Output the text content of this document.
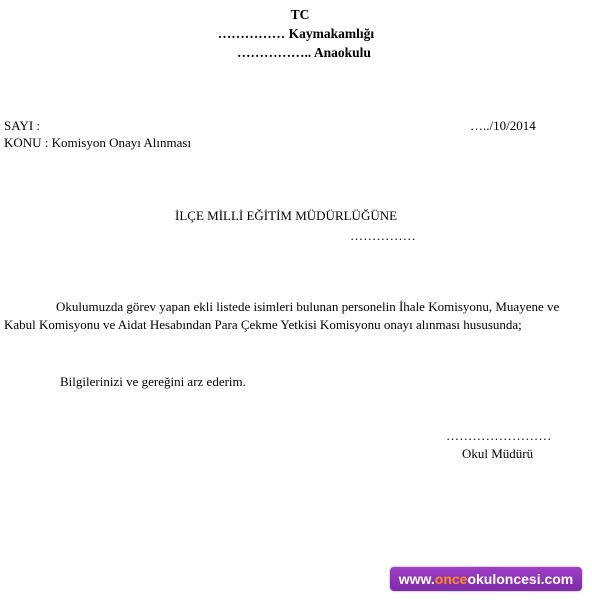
TC
…………… Kaymakamlığı
…………….. Anaokulu
SAYI :	…../10/2014
KONU : Komisyon Onayı Alınması
İLÇE MİLLİ EĞİTİM MÜDÜRLÜĞÜNE
……………
Okulumuzda görev yapan ekli listede isimleri bulunan personelin İhale Komisyonu, Muayene ve Kabul Komisyonu ve Aidat Hesabından Para Çekme Yetkisi Komisyonu onayı alınması hususunda;
Bilgilerinizi ve gereğini arz ederim.
……………………
Okul Müdürü
www.onceokuloncesi.com
